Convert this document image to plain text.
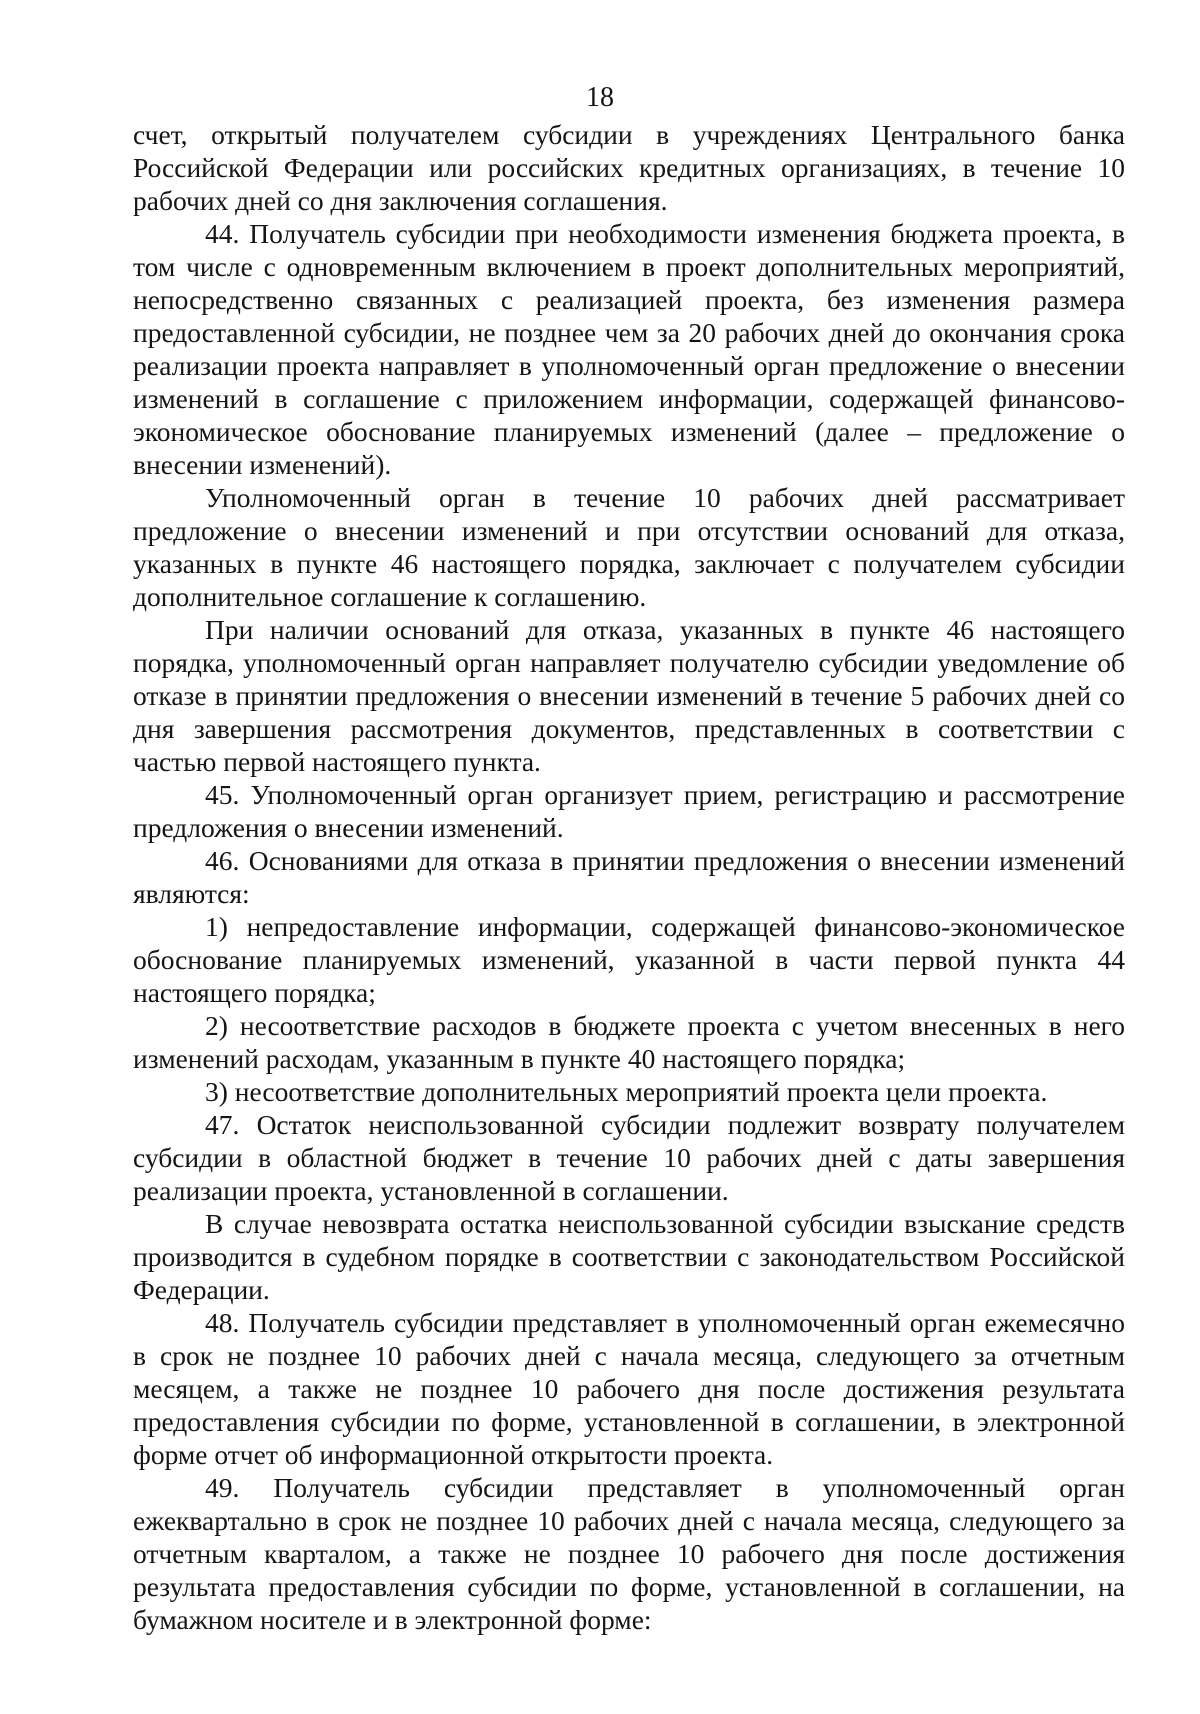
18

счет, открытый получателем субсидии в учреждениях Центрального банка Российской Федерации или российских кредитных организациях, в течение 10 рабочих дней со дня заключения соглашения.

44. Получатель субсидии при необходимости изменения бюджета проекта, в том числе с одновременным включением в проект дополнительных мероприятий, непосредственно связанных с реализацией проекта, без изменения размера предоставленной субсидии, не позднее чем за 20 рабочих дней до окончания срока реализации проекта направляет в уполномоченный орган предложение о внесении изменений в соглашение с приложением информации, содержащей финансово-экономическое обоснование планируемых изменений (далее – предложение о внесении изменений).

Уполномоченный орган в течение 10 рабочих дней рассматривает предложение о внесении изменений и при отсутствии оснований для отказа, указанных в пункте 46 настоящего порядка, заключает с получателем субсидии дополнительное соглашение к соглашению.

При наличии оснований для отказа, указанных в пункте 46 настоящего порядка, уполномоченный орган направляет получателю субсидии уведомление об отказе в принятии предложения о внесении изменений в течение 5 рабочих дней со дня завершения рассмотрения документов, представленных в соответствии с частью первой настоящего пункта.

45. Уполномоченный орган организует прием, регистрацию и рассмотрение предложения о внесении изменений.

46. Основаниями для отказа в принятии предложения о внесении изменений являются:

1) непредоставление информации, содержащей финансово-экономическое обоснование планируемых изменений, указанной в части первой пункта 44 настоящего порядка;

2) несоответствие расходов в бюджете проекта с учетом внесенных в него изменений расходам, указанным в пункте 40 настоящего порядка;

3) несоответствие дополнительных мероприятий проекта цели проекта.

47. Остаток неиспользованной субсидии подлежит возврату получателем субсидии в областной бюджет в течение 10 рабочих дней с даты завершения реализации проекта, установленной в соглашении.

В случае невозврата остатка неиспользованной субсидии взыскание средств производится в судебном порядке в соответствии с законодательством Российской Федерации.

48. Получатель субсидии представляет в уполномоченный орган ежемесячно в срок не позднее 10 рабочих дней с начала месяца, следующего за отчетным месяцем, а также не позднее 10 рабочего дня после достижения результата предоставления субсидии по форме, установленной в соглашении, в электронной форме отчет об информационной открытости проекта.

49. Получатель субсидии представляет в уполномоченный орган ежеквартально в срок не позднее 10 рабочих дней с начала месяца, следующего за отчетным кварталом, а также не позднее 10 рабочего дня после достижения результата предоставления субсидии по форме, установленной в соглашении, на бумажном носителе и в электронной форме:
